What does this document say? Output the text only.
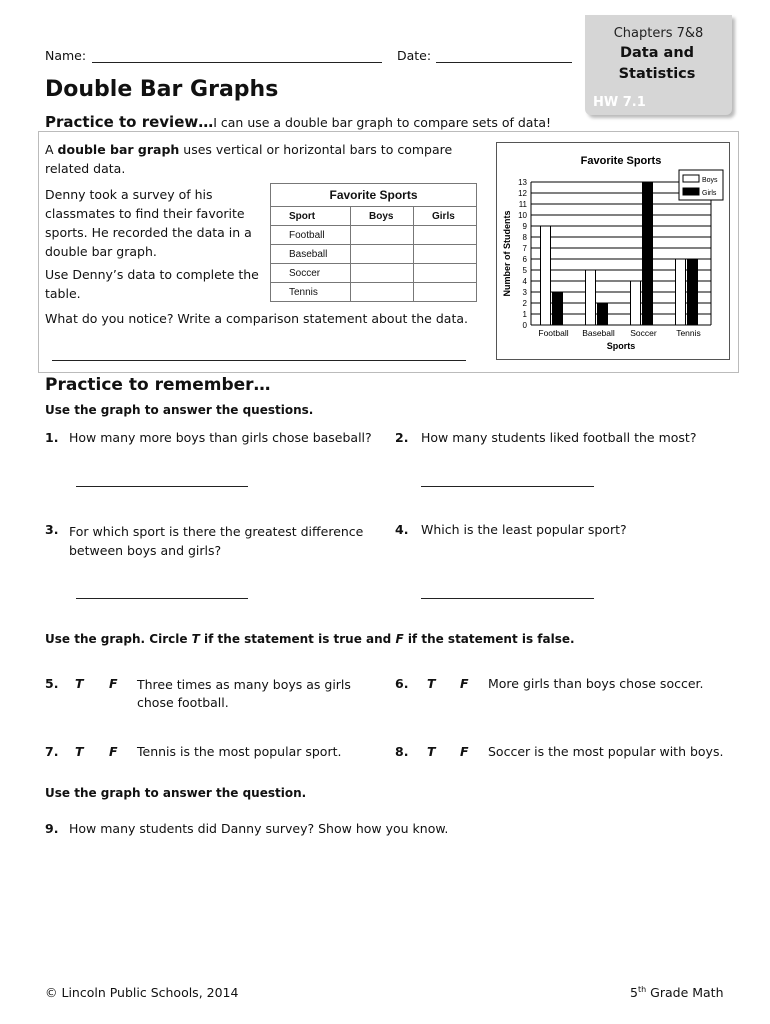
Name:	Date:
Chapters 7&8
Data and Statistics
HW 7.1
Double Bar Graphs
Practice to review…I can use a double bar graph to compare sets of data!
A double bar graph uses vertical or horizontal bars to compare related data.
Denny took a survey of his classmates to find their favorite sports. He recorded the data in a double bar graph.
Use Denny’s data to complete the table.
What do you notice? Write a comparison statement about the data.
Favorite Sports		
Sport	Boys	Girls
Football		
Baseball		
Soccer		
Tennis		
Favorite Sports
0
1
2
3
4
5
6
7
8
9
10
11
12
13
Football Baseball Soccer Tennis
Sports
Number of Students
Boys
Girls
Practice to remember…
Use the graph to answer the questions.
1. How many more boys than girls chose baseball? 2. How many students liked football the most?
3. For which sport is there the greatest difference between boys and girls?
4. Which is the least popular sport?
Use the graph. Circle T if the statement is true and F if the statement is false.
5. T F Three times as many boys as girls chose football.
6. T F More girls than boys chose soccer.
7. T F Tennis is the most popular sport.	8. T F Soccer is the most popular with boys.
Use the graph to answer the question.
9. How many students did Danny survey? Show how you know.
© Lincoln Public Schools, 2014	5th Grade Math
